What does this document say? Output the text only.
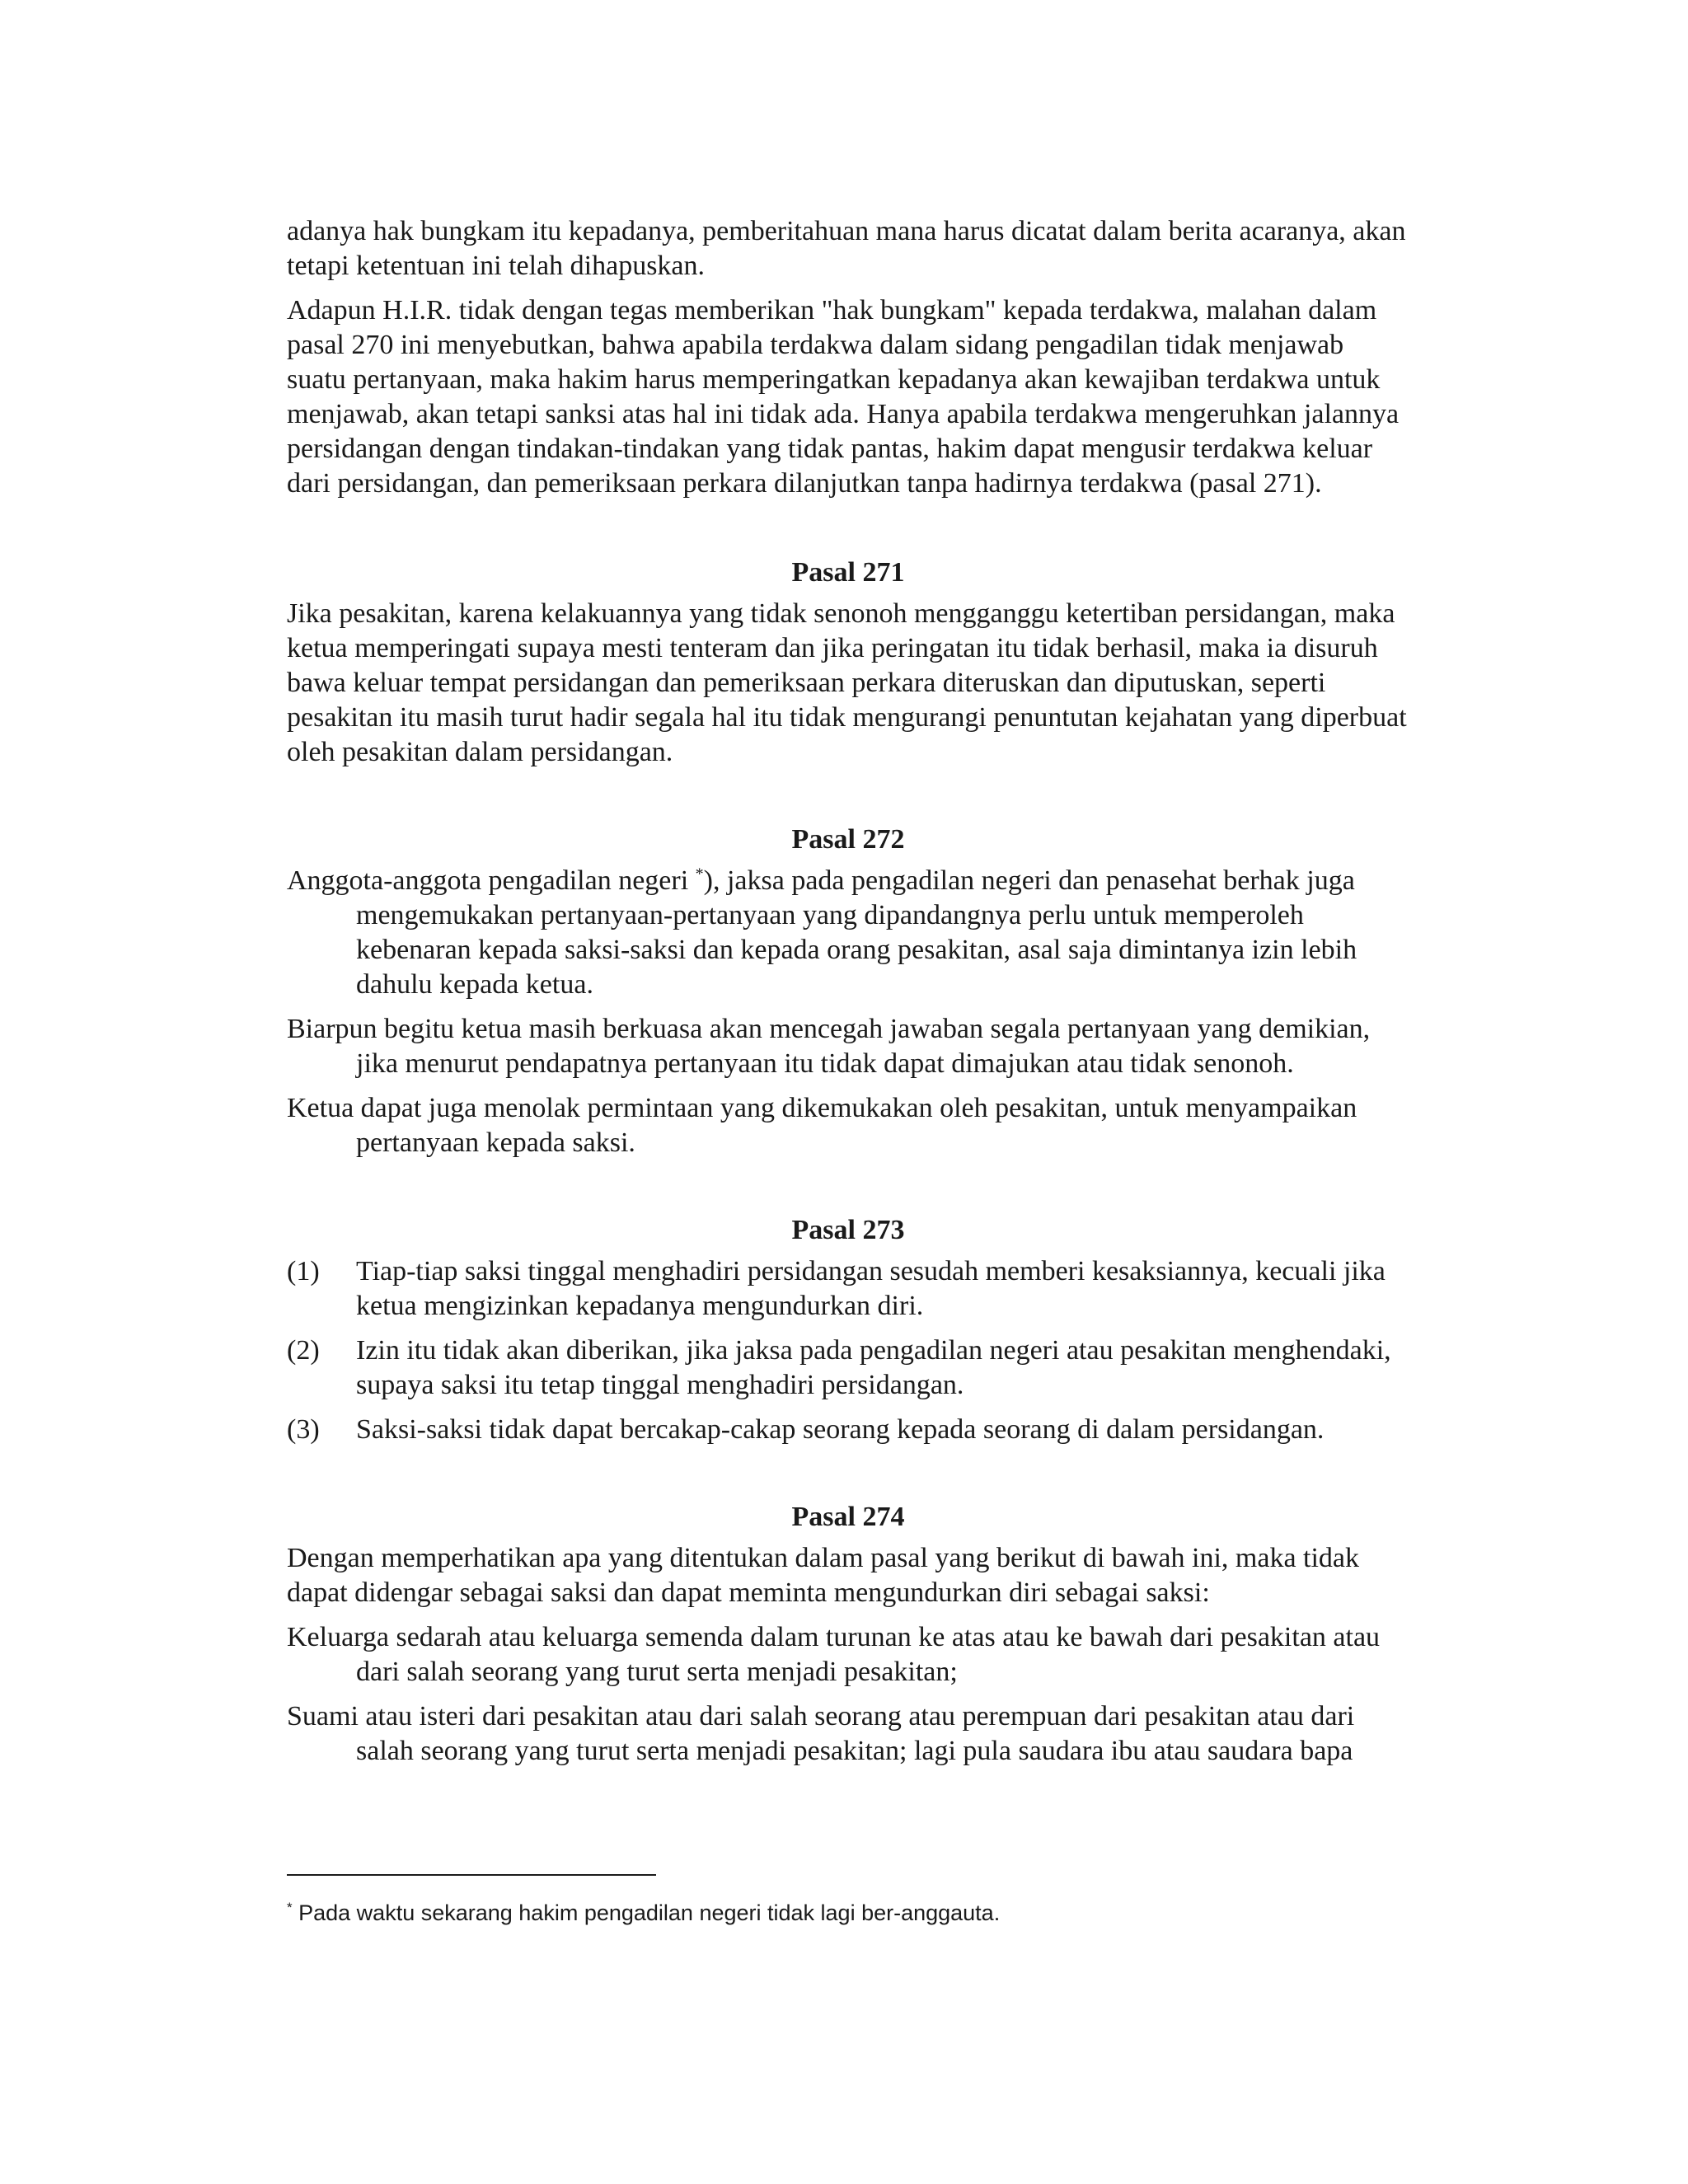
adanya hak bungkam itu kepadanya, pemberitahuan mana harus dicatat dalam berita acaranya, akan tetapi ketentuan ini telah dihapuskan.

Adapun H.I.R. tidak dengan tegas memberikan "hak bungkam" kepada terdakwa, malahan dalam pasal 270 ini menyebutkan, bahwa apabila terdakwa dalam sidang pengadilan tidak menjawab suatu pertanyaan, maka hakim harus memperingatkan kepadanya akan kewajiban terdakwa untuk menjawab, akan tetapi sanksi atas hal ini tidak ada. Hanya apabila terdakwa mengeruhkan jalannya persidangan dengan tindakan-tindakan yang tidak pantas, hakim dapat mengusir terdakwa keluar dari persidangan, dan pemeriksaan perkara dilanjutkan tanpa hadirnya terdakwa (pasal 271).

Pasal 271

Jika pesakitan, karena kelakuannya yang tidak senonoh mengganggu ketertiban persidangan, maka ketua memperingati supaya mesti tenteram dan jika peringatan itu tidak berhasil, maka ia disuruh bawa keluar tempat persidangan dan pemeriksaan perkara diteruskan dan diputuskan, seperti pesakitan itu masih turut hadir segala hal itu tidak mengurangi penuntutan kejahatan yang diperbuat oleh pesakitan dalam persidangan.

Pasal 272

Anggota-anggota pengadilan negeri *), jaksa pada pengadilan negeri dan penasehat berhak juga mengemukakan pertanyaan-pertanyaan yang dipandangnya perlu untuk memperoleh kebenaran kepada saksi-saksi dan kepada orang pesakitan, asal saja dimintanya izin lebih dahulu kepada ketua.

Biarpun begitu ketua masih berkuasa akan mencegah jawaban segala pertanyaan yang demikian, jika menurut pendapatnya pertanyaan itu tidak dapat dimajukan atau tidak senonoh.

Ketua dapat juga menolak permintaan yang dikemukakan oleh pesakitan, untuk menyampaikan pertanyaan kepada saksi.

Pasal 273
(1)	Tiap-tiap saksi tinggal menghadiri persidangan sesudah memberi kesaksiannya, kecuali jika ketua mengizinkan kepadanya mengundurkan diri.
(2)	Izin itu tidak akan diberikan, jika jaksa pada pengadilan negeri atau pesakitan menghendaki, supaya saksi itu tetap tinggal menghadiri persidangan.
(3)	Saksi-saksi tidak dapat bercakap-cakap seorang kepada seorang di dalam persidangan.
Pasal 274

Dengan memperhatikan apa yang ditentukan dalam pasal yang berikut di bawah ini, maka tidak dapat didengar sebagai saksi dan dapat meminta mengundurkan diri sebagai saksi:

Keluarga sedarah atau keluarga semenda dalam turunan ke atas atau ke bawah dari pesakitan atau dari salah seorang yang turut serta menjadi pesakitan;

Suami atau isteri dari pesakitan atau dari salah seorang atau perempuan dari pesakitan atau dari salah seorang yang turut serta menjadi pesakitan; lagi pula saudara ibu atau saudara bapa

* Pada waktu sekarang hakim pengadilan negeri tidak lagi ber-anggauta.
